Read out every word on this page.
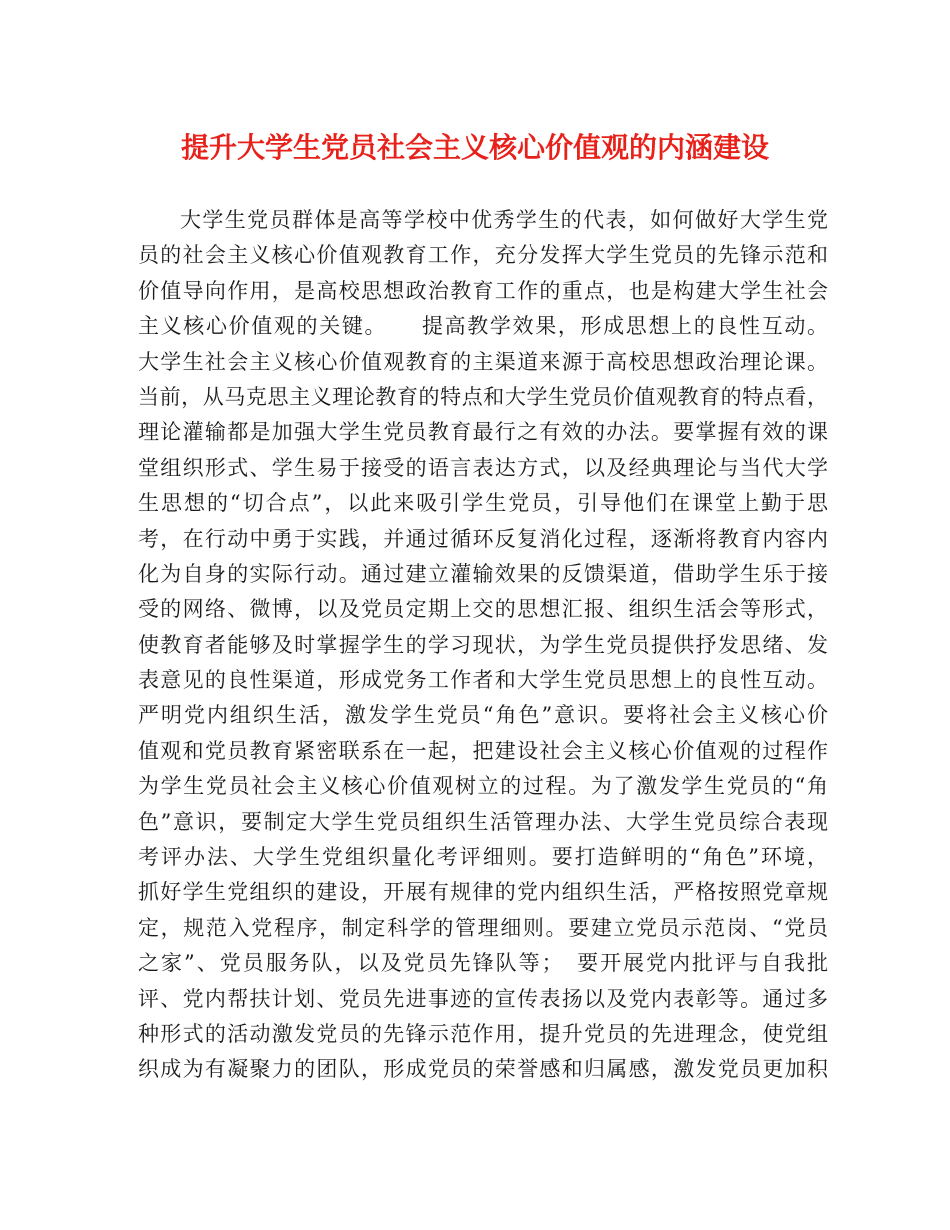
提升大学生党员社会主义核心价值观的内涵建设
大学生党员群体是高等学校中优秀学生的代表，如何做好大学生党
员的社会主义核心价值观教育工作，充分发挥大学生党员的先锋示范和
价值导向作用，是高校思想政治教育工作的重点，也是构建大学生社会
主义核心价值观的关键。　　提高教学效果，形成思想上的良性互动。
大学生社会主义核心价值观教育的主渠道来源于高校思想政治理论课。
当前，从马克思主义理论教育的特点和大学生党员价值观教育的特点看，
理论灌输都是加强大学生党员教育最行之有效的办法。要掌握有效的课
堂组织形式、学生易于接受的语言表达方式，以及经典理论与当代大学
生思想的“切合点”，以此来吸引学生党员，引导他们在课堂上勤于思
考，在行动中勇于实践，并通过循环反复消化过程，逐渐将教育内容内
化为自身的实际行动。通过建立灌输效果的反馈渠道，借助学生乐于接
受的网络、微博，以及党员定期上交的思想汇报、组织生活会等形式，
使教育者能够及时掌握学生的学习现状，为学生党员提供抒发思绪、发
表意见的良性渠道，形成党务工作者和大学生党员思想上的良性互动。
严明党内组织生活，激发学生党员“角色”意识。要将社会主义核心价
值观和党员教育紧密联系在一起，把建设社会主义核心价值观的过程作
为学生党员社会主义核心价值观树立的过程。为了激发学生党员的“角
色”意识，要制定大学生党员组织生活管理办法、大学生党员综合表现
考评办法、大学生党组织量化考评细则。要打造鲜明的“角色”环境，
抓好学生党组织的建设，开展有规律的党内组织生活，严格按照党章规
定，规范入党程序，制定科学的管理细则。要建立党员示范岗、“党员
之家”、党员服务队，以及党员先锋队等；　要开展党内批评与自我批
评、党内帮扶计划、党员先进事迹的宣传表扬以及党内表彰等。通过多
种形式的活动激发党员的先锋示范作用，提升党员的先进理念，使党组
织成为有凝聚力的团队，形成党员的荣誉感和归属感，激发党员更加积
